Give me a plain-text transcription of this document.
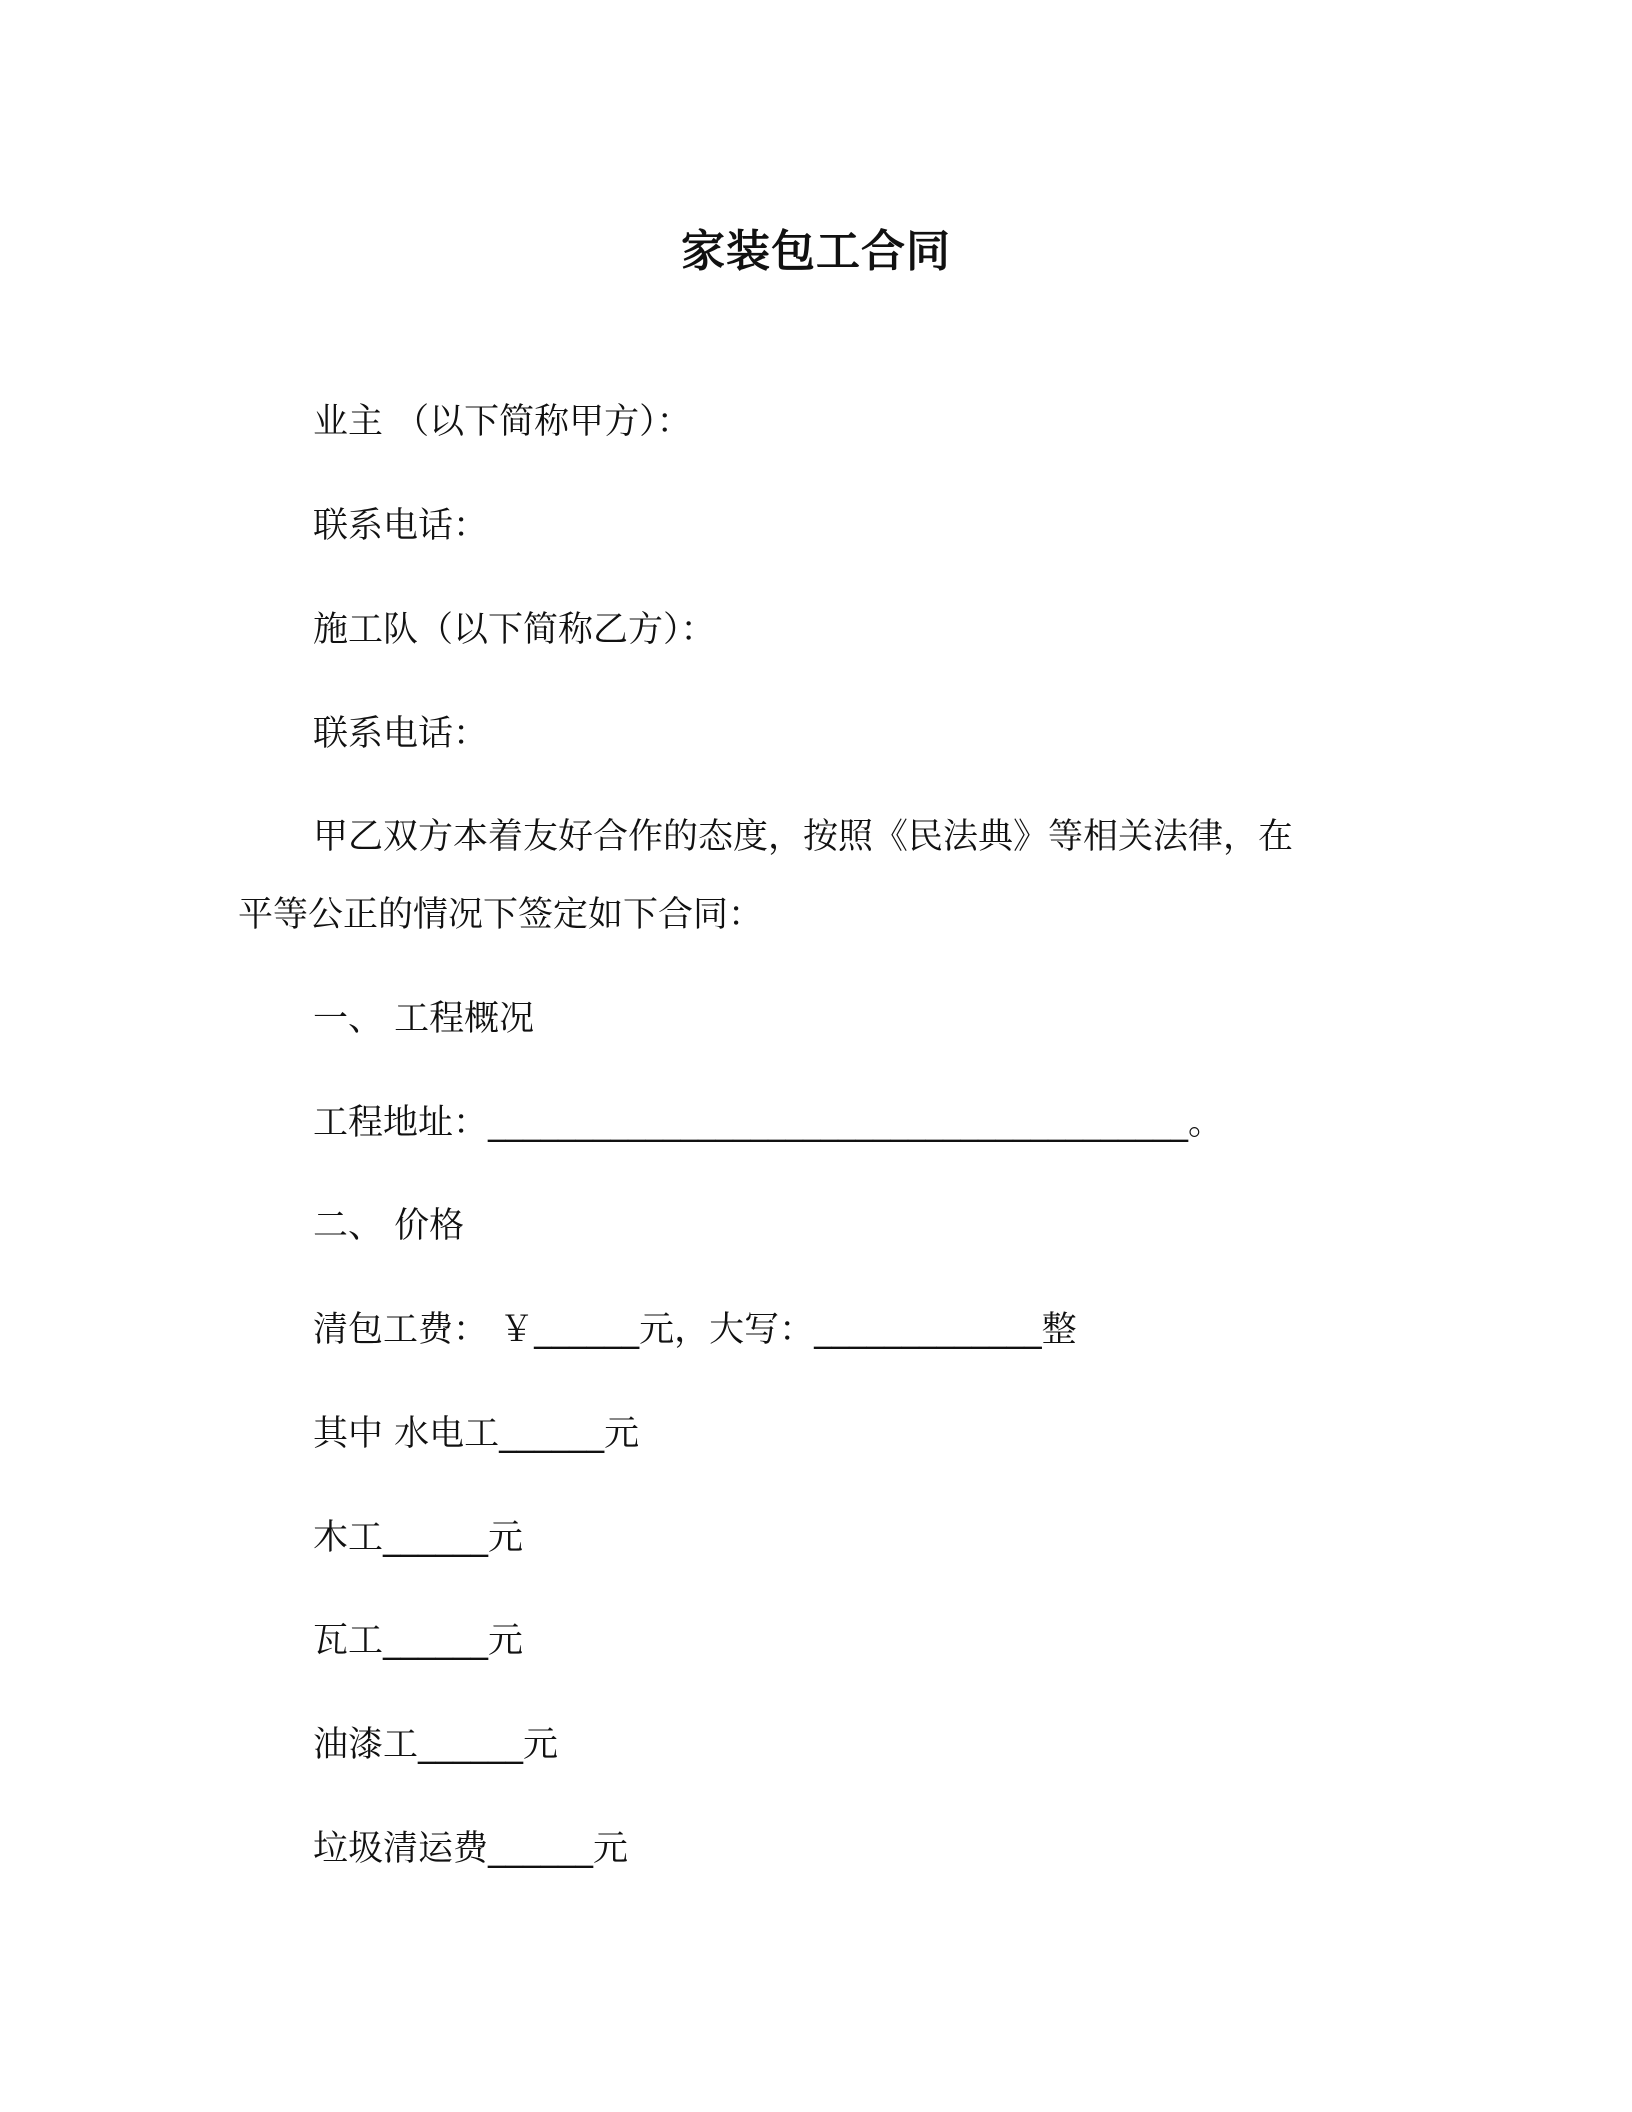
家装包工合同
业主 （以下简称甲方）：
联系电话：
施工队（以下简称乙方）：
联系电话：
甲乙双方本着友好合作的态度，按照《民法典》等相关法律，在
平等公正的情况下签定如下合同：
一、 工程概况
工程地址：________________________________________。
二、 价格
清包工费： ￥______元，大写：_____________整
其中 水电工______元
木工______元
瓦工______元
油漆工______元
垃圾清运费______元
